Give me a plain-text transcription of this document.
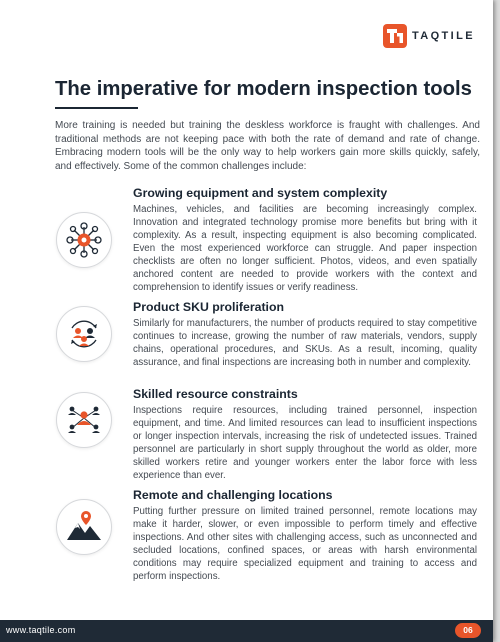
TAQTILE
The imperative for modern inspection tools
More training is needed but training the deskless workforce is fraught with challenges. And traditional methods are not keeping pace with both the rate of demand and rate of change. Embracing modern tools will be the only way to help workers gain more skills quickly, safely, and effectively. Some of the common challenges include:
Growing equipment and system complexity
Machines, vehicles, and facilities are becoming increasingly complex. Innovation and integrated technology promise more benefits but bring with it complexity. As a result, inspecting equipment is also becoming complicated. Even the most experienced workforce can struggle. And paper inspection checklists are often no longer sufficient. Photos, videos, and even spatially anchored content are needed to provide workers with the context and comprehension to identify issues or verify readiness.
Product SKU proliferation
Similarly for manufacturers, the number of products required to stay competitive continues to increase, growing the number of raw materials, vendors, supply chains, operational procedures, and SKUs. As a result, incoming, quality assurance, and final inspections are increasing both in number and complexity.
Skilled resource constraints
Inspections require resources, including trained personnel, inspection equipment, and time. And limited resources can lead to insufficient inspections or longer inspection intervals, increasing the risk of undetected issues. Trained personnel are particularly in short supply throughout the world as older, more skilled workers retire and younger workers enter the labor force with less experience than ever.
Remote and challenging locations
Putting further pressure on limited trained personnel, remote locations may make it harder, slower, or even impossible to perform timely and effective inspections. And other sites with challenging access, such as unconnected and secluded locations, confined spaces, or areas with harsh environmental conditions may require specialized equipment and training to access and perform inspections.
www.taqtile.com	06
